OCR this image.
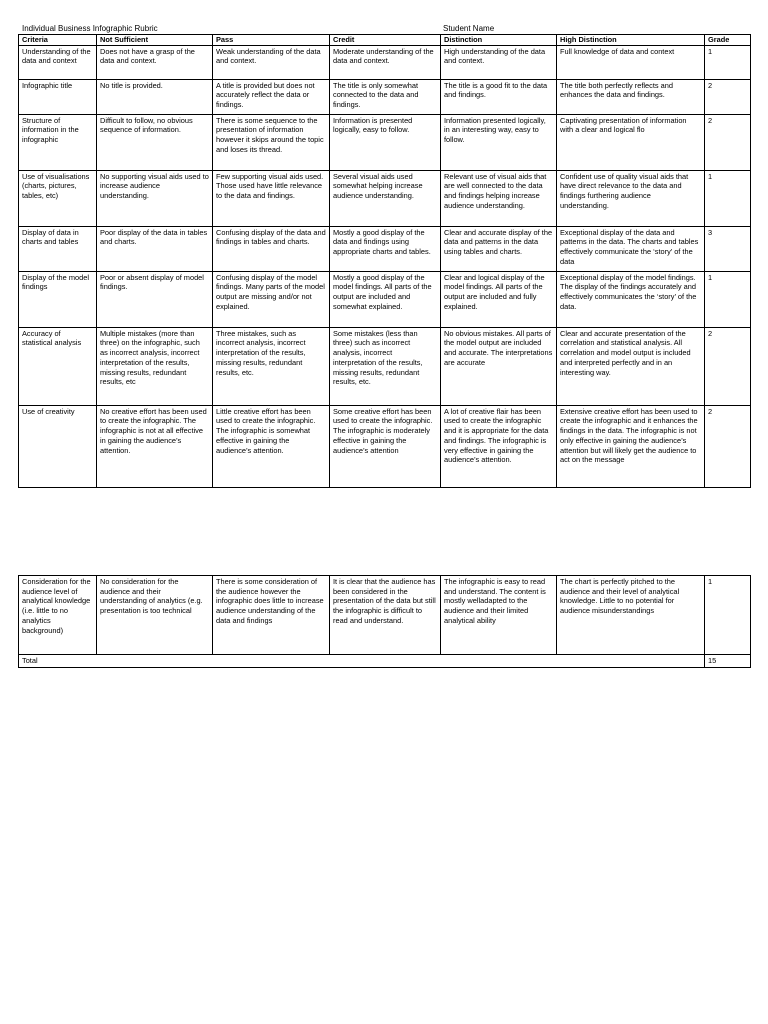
Individual Business Infographic Rubric	Student Name
Criteria	Not Sufficient	Pass	Credit	Distinction	High Distinction	Grade
Understanding of the data and context	Does not have a grasp of the data and context.	Weak understanding of the data and context.	Moderate understanding of the data and context.	High understanding of the data and context.	Full knowledge of data and context	1
Infographic title	No title is provided.	A title is provided but does not accurately reflect the data or findings.	The title is only somewhat connected to the data and findings.	The title is a good fit to the data and findings.	The title both perfectly reflects and enhances the data and findings.	2
Structure of information in the infographic	Difficult to follow, no obvious sequence of information.	There is some sequence to the presentation of information however it skips around the topic and loses its thread.	Information is presented logically, easy to follow.	Information presented logically, in an interesting way, easy to follow.	Captivating presentation of information with a clear and logical flo	2
Use of visualisations (charts, pictures, tables, etc)	No supporting visual aids used to increase audience understanding.	Few supporting visual aids used. Those used have little relevance to the data and findings.	Several visual aids used somewhat helping increase audience understanding.	Relevant use of visual aids that are well connected to the data and findings helping increase audience understanding.	Confident use of quality visual aids that have direct relevance to the data and findings furthering audience understanding.	1
Display of data in charts and tables	Poor display of the data in tables and charts.	Confusing display of the data and findings in tables and charts.	Mostly a good display of the data and findings using appropriate charts and tables.	Clear and accurate display of the data and patterns in the data using tables and charts.	Exceptional display of the data and patterns in the data. The charts and tables effectively communicate the ‘story’ of the data	3
Display of the model findings	Poor or absent display of model findings.	Confusing display of the model findings. Many parts of the model output are missing and/or not explained.	Mostly a good display of the model findings. All parts of the output are included and somewhat explained.	Clear and logical display of the model findings. All parts of the output are included and fully explained.	Exceptional display of the model findings. The display of the findings accurately and effectively communicates the ‘story’ of the data.	1
Accuracy of statistical analysis	Multiple mistakes (more than three) on the infographic, such as incorrect analysis, incorrect interpretation of the results, missing results, redundant results, etc	Three mistakes, such as incorrect analysis, incorrect interpretation of the results, missing results, redundant results, etc.	Some mistakes (less than three) such as incorrect analysis, incorrect interpretation of the results, missing results, redundant results, etc.	No obvious mistakes. All parts of the model output are included and accurate. The interpretations are accurate	Clear and accurate presentation of the correlation and statistical analysis. All correlation and model output is included and interpreted perfectly and in an interesting way.	2
Use of creativity	No creative effort has been used to create the infographic. The infographic is not at all effective in gaining the audience’s attention.	Little creative effort has been used to create the infographic. The infographic is somewhat effective in gaining the audience’s attention.	Some creative effort has been used to create the infographic. The infographic is moderately effective in gaining the audience’s attention	A lot of creative flair has been used to create the infographic and it is appropriate for the data and findings. The infographic is very effective in gaining the audience’s attention.	Extensive creative effort has been used to create the infographic and it enhances the findings in the data. The infographic is not only effective in gaining the audience’s attention but will likely get the audience to act on the message	2
Consideration for the audience level of analytical knowledge (i.e. little to no analytics background)	No consideration for the audience and their understanding of analytics (e.g. presentation is too technical	There is some consideration of the audience however the infographic does little to increase audience understanding of the data and findings	It is clear that the audience has been considered in the presentation of the data but still the infographic is difficult to read and understand.	The infographic is easy to read and understand. The content is mostly welladapted to the audience and their limited analytical ability	The chart is perfectly pitched to the audience and their level of analytical knowledge. Little to no potential for audience misunderstandings	1
Total						15
